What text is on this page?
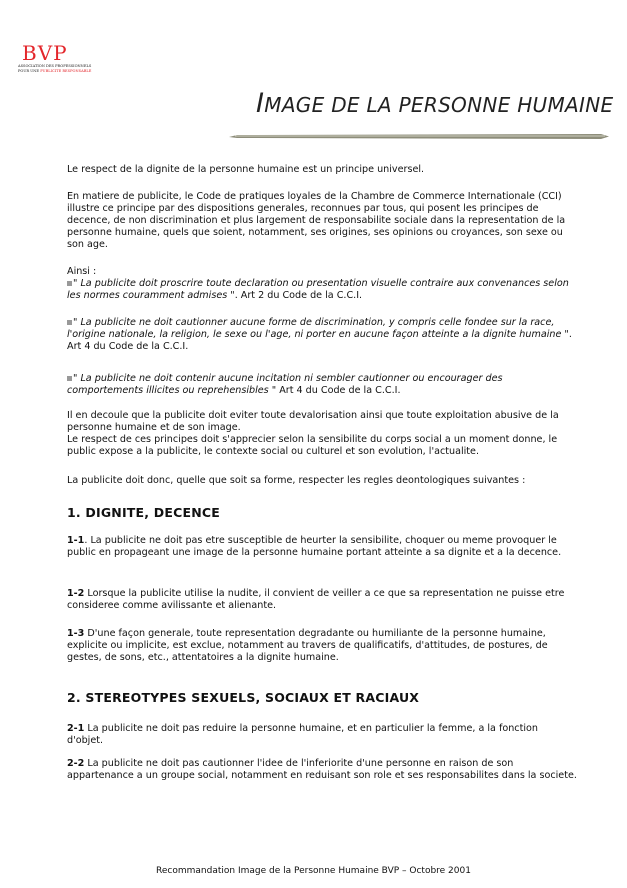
BVP
ASSOCIATION DES PROFESSIONNELS
POUR UNE PUBLICITE RESPONSABLE
IMAGE DE LA PERSONNE HUMAINE

Le respect de la dignite de la personne humaine est un principe universel.

En matiere de publicite, le Code de pratiques loyales de la Chambre de Commerce Internationale (CCI) illustre ce principe par des dispositions generales, reconnues par tous, qui posent les principes de decence, de non discrimination et plus largement de responsabilite sociale dans la representation de la personne humaine, quels que soient, notamment, ses origines, ses opinions ou croyances, son sexe ou son age.

Ainsi :
" La publicite doit proscrire toute declaration ou presentation visuelle contraire aux convenances selon les normes couramment admises ". Art 2 du Code de la C.C.I.
" La publicite ne doit cautionner aucune forme de discrimination, y compris celle fondee sur la race, l'origine nationale, la religion, le sexe ou l'age, ni porter en aucune façon atteinte a la dignite humaine ". Art 4 du Code de la C.C.I.
" La publicite ne doit contenir aucune incitation ni sembler cautionner ou encourager des comportements illicites ou reprehensibles " Art 4 du Code de la C.C.I.

Il en decoule que la publicite doit eviter toute devalorisation ainsi que toute exploitation abusive de la personne humaine et de son image.

Le respect de ces principes doit s'apprecier selon la sensibilite du corps social a un moment donne, le public expose a la publicite, le contexte social ou culturel et son evolution, l'actualite.

La publicite doit donc, quelle que soit sa forme, respecter les regles deontologiques suivantes :
1. DIGNITE, DECENCE
1-1. La publicite ne doit pas etre susceptible de heurter la sensibilite, choquer ou meme provoquer le public en propageant une image de la personne humaine portant atteinte a sa dignite et a la decence.
1-2 Lorsque la publicite utilise la nudite, il convient de veiller a ce que sa representation ne puisse etre consideree comme avilissante et alienante.
1-3 D'une façon generale, toute representation degradante ou humiliante de la personne humaine, explicite ou implicite, est exclue, notamment au travers de qualificatifs, d'attitudes, de postures, de gestes, de sons, etc., attentatoires a la dignite humaine.
2. STEREOTYPES SEXUELS, SOCIAUX ET RACIAUX
2-1 La publicite ne doit pas reduire la personne humaine, et en particulier la femme, a la fonction d'objet.
2-2 La publicite ne doit pas cautionner l'idee de l'inferiorite d'une personne en raison de son appartenance a un groupe social, notamment en reduisant son role et ses responsabilites dans la societe.
Recommandation Image de la Personne Humaine BVP – Octobre 2001
